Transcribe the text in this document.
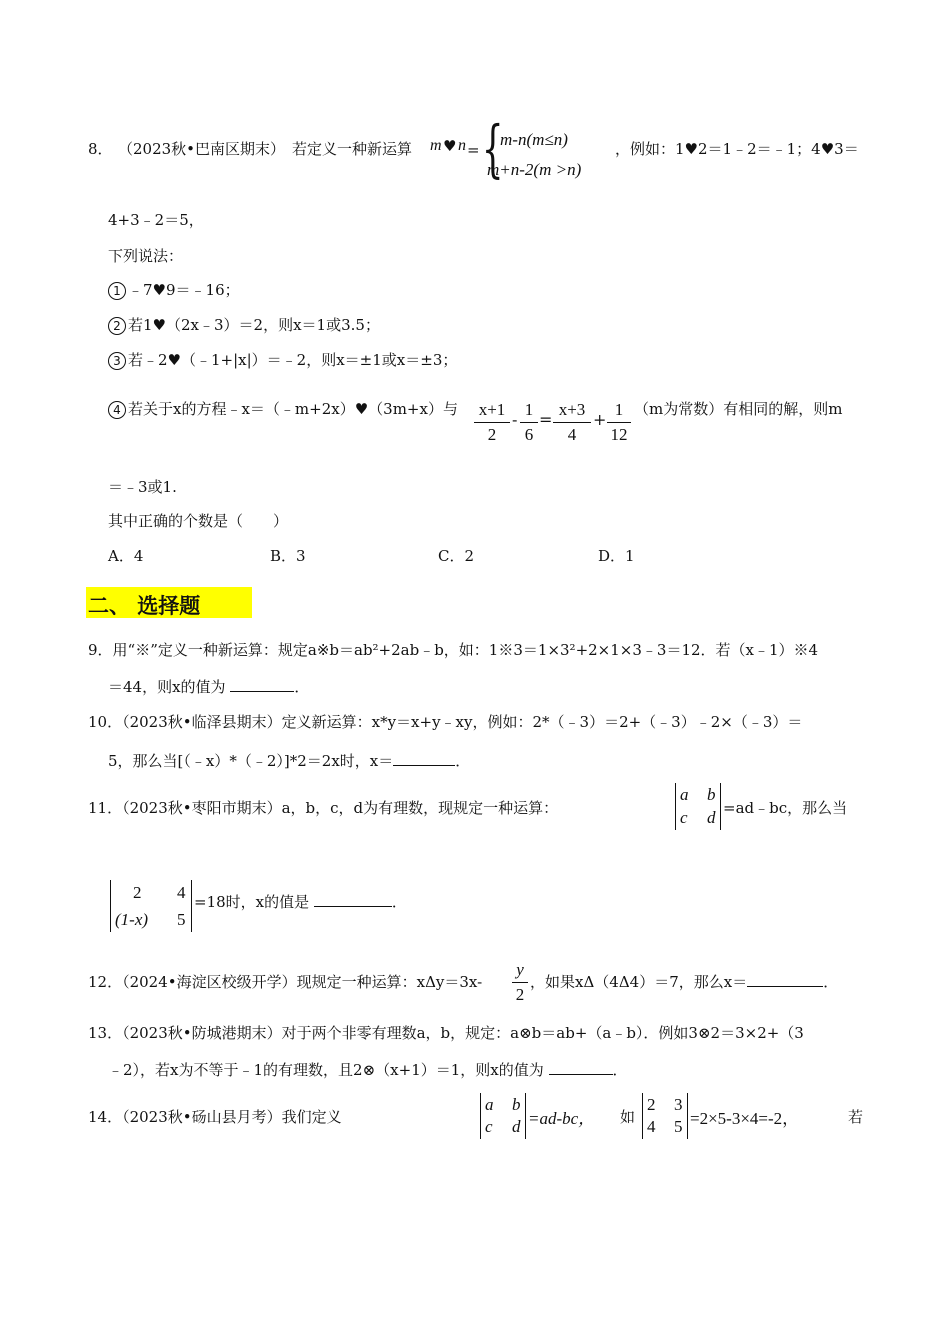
8． （2023秋•巴南区期末） 若定义一种新运算 m ♥ n = {
m-n(m≤n)
m+n-2(m >n)
，例如：1♥2＝1﹣2＝﹣1；4♥3＝
4+3﹣2＝5，
下列说法：
1 ﹣7♥9＝﹣16；
2 若1♥（2x﹣3）＝2，则x＝1或3.5；
3 若﹣2♥（﹣1+|x|）＝﹣2，则x＝±1或x＝±3；
4 若关于x的方程﹣x＝（﹣m+2x）♥（3m+x）与 x+1
2
-
1
6
=
x+3
4
+
1
12
（m为常数）有相同的解，则m
＝﹣3或1.
其中正确的个数是（　　）
A．4	B．3	C．2	D．1
二、 选择题
9．用“※”定义一种新运算：规定a※b＝ab²+2ab﹣b，如：1※3＝1×3²+2×1×3﹣3＝12．若（x﹣1）※4
＝44，则x的值为	．
10．（2023秋•临泽县期末）定义新运算：x*y＝x+y﹣xy，例如：2*（﹣3）＝2+（﹣3）﹣2×（﹣3）＝
5，那么当[（﹣x）*（﹣2）]*2＝2x时，x＝	．
11．（2023秋•枣阳市期末）a，b，c，d为有理数，现规定一种运算：
a b
c d =ad﹣bc，那么当
2 4
(1-x) 5
=18时，x的值是	．
12．（2024•海淀区校级开学）现规定一种运算：xΔy＝3x-
y
2
，如果xΔ（4Δ4）＝7，那么x＝	．
13．（2023秋•防城港期末）对于两个非零有理数a，b，规定：a⊗b＝ab+（a﹣b）．例如3⊗2＝3×2+（3
﹣2），若x为不等于﹣1的有理数，且2⊗（x+1）＝1，则x的值为	．
14．（2023秋•砀山县月考）我们定义
a b
c d =ad-bc， 如
2 3
4 5 =2×5-3×4=-2，	若
